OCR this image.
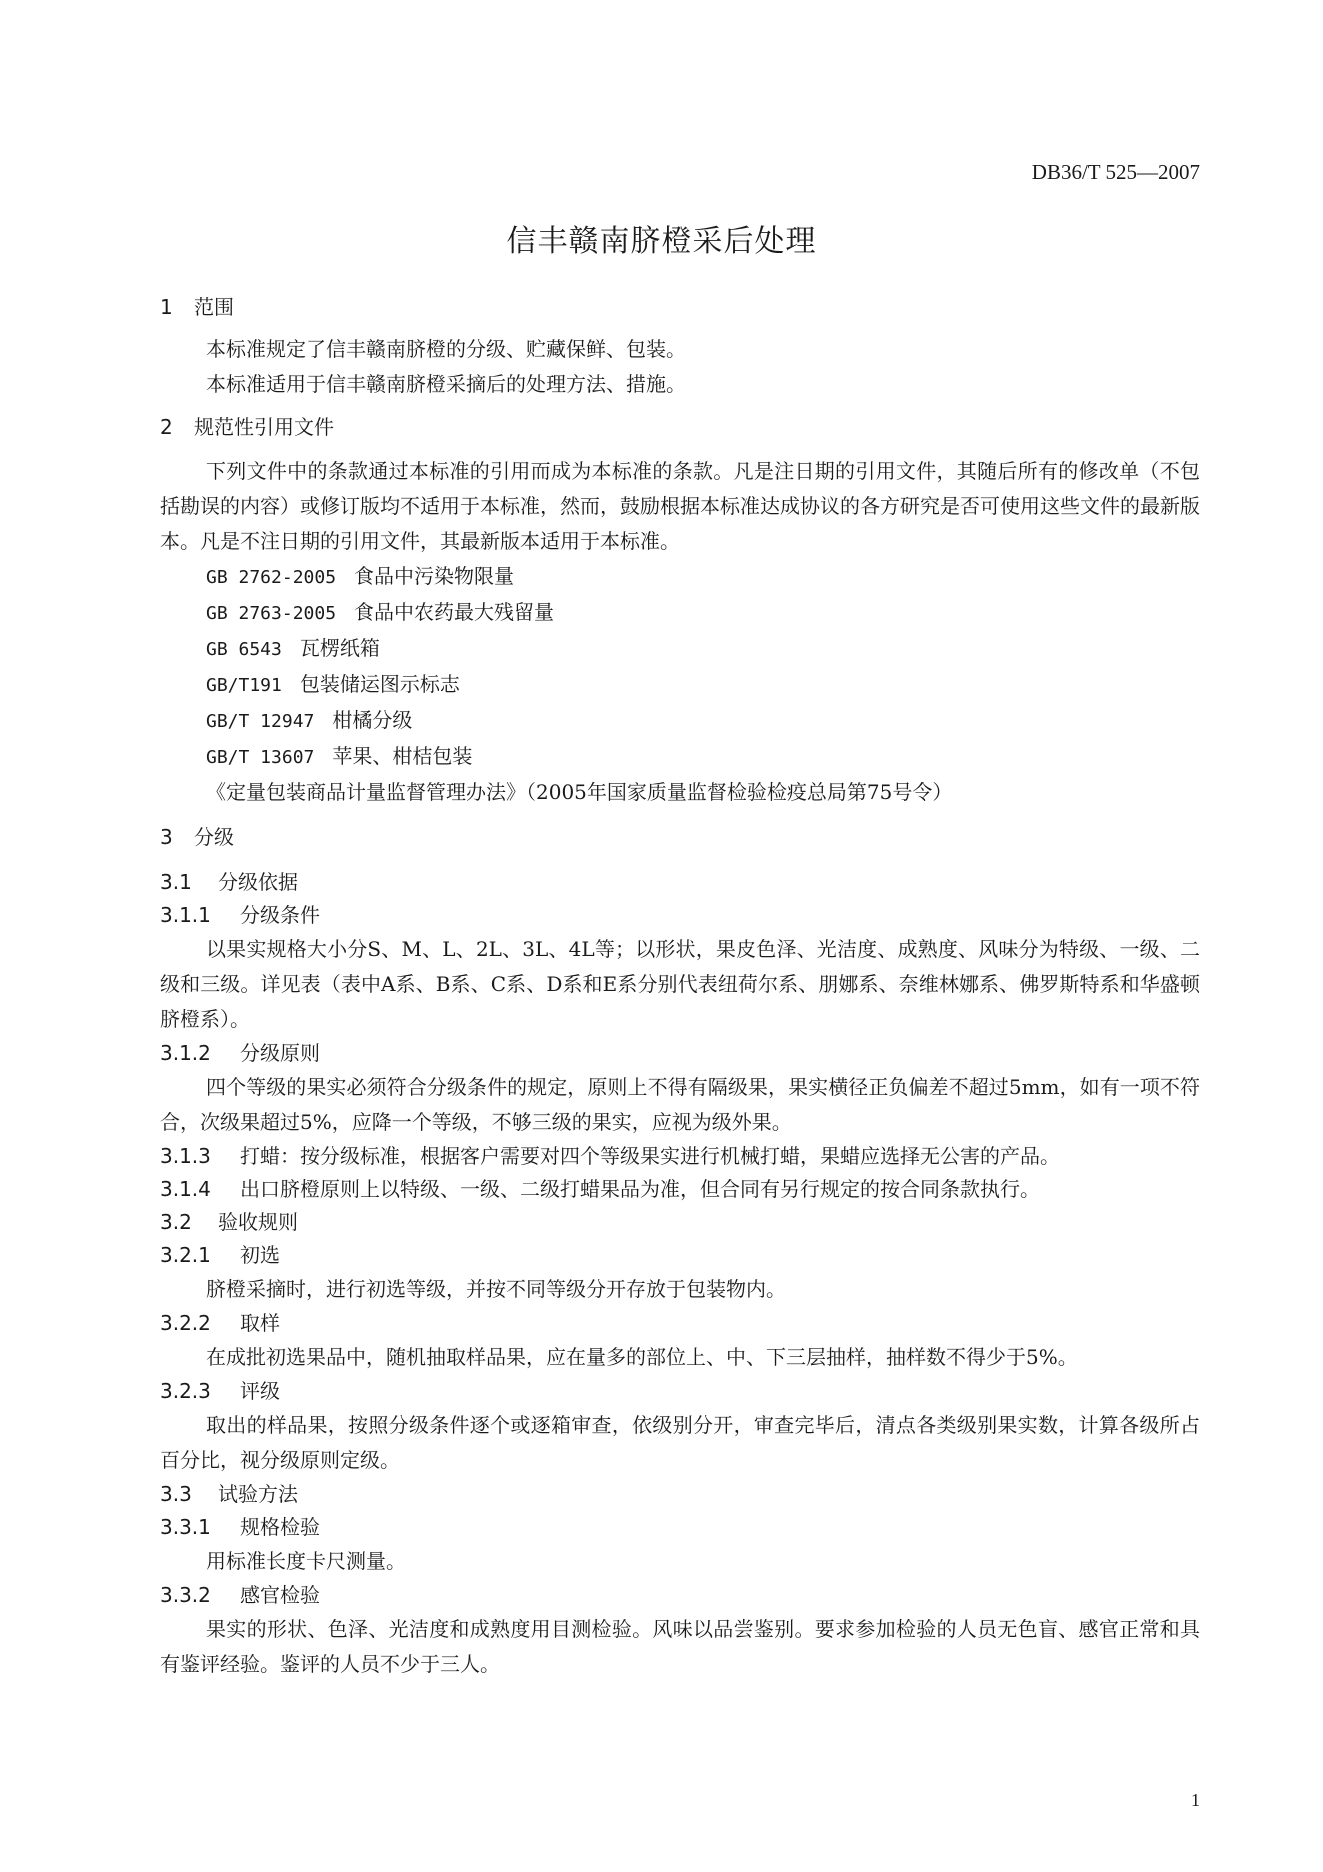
DB36/T 525—2007
信丰赣南脐橙采后处理
1	范围
本标准规定了信丰赣南脐橙的分级、贮藏保鲜、包装。
本标准适用于信丰赣南脐橙采摘后的处理方法、措施。
2	规范性引用文件
下列文件中的条款通过本标准的引用而成为本标准的条款。凡是注日期的引用文件，其随后所有的修改单（不包括勘误的内容）或修订版均不适用于本标准，然而，鼓励根据本标准达成协议的各方研究是否可使用这些文件的最新版本。凡是不注日期的引用文件，其最新版本适用于本标准。
GB 2762-2005 食品中污染物限量
GB 2763-2005 食品中农药最大残留量
GB 6543 瓦楞纸箱
GB/T191 包装储运图示标志
GB/T 12947 柑橘分级
GB/T 13607 苹果、柑桔包装
《定量包装商品计量监督管理办法》（2005年国家质量监督检验检疫总局第75号令）
3	分级
3.1	分级依据
3.1.1	分级条件
以果实规格大小分S、M、L、2L、3L、4L等；以形状，果皮色泽、光洁度、成熟度、风味分为特级、一级、二级和三级。详见表（表中A系、B系、C系、D系和E系分别代表纽荷尔系、朋娜系、奈维林娜系、佛罗斯特系和华盛顿脐橙系）。
3.1.2	分级原则
四个等级的果实必须符合分级条件的规定，原则上不得有隔级果，果实横径正负偏差不超过5mm，如有一项不符合，次级果超过5%，应降一个等级，不够三级的果实，应视为级外果。
3.1.3	打蜡：按分级标准，根据客户需要对四个等级果实进行机械打蜡，果蜡应选择无公害的产品。
3.1.4	出口脐橙原则上以特级、一级、二级打蜡果品为准，但合同有另行规定的按合同条款执行。
3.2	验收规则
3.2.1	初选
脐橙采摘时，进行初选等级，并按不同等级分开存放于包装物内。
3.2.2	取样
在成批初选果品中，随机抽取样品果，应在量多的部位上、中、下三层抽样，抽样数不得少于5%。
3.2.3	评级
取出的样品果，按照分级条件逐个或逐箱审查，依级别分开，审查完毕后，清点各类级别果实数，计算各级所占百分比，视分级原则定级。
3.3	试验方法
3.3.1	规格检验
用标准长度卡尺测量。
3.3.2	感官检验
果实的形状、色泽、光洁度和成熟度用目测检验。风味以品尝鉴别。要求参加检验的人员无色盲、感官正常和具有鉴评经验。鉴评的人员不少于三人。
1
